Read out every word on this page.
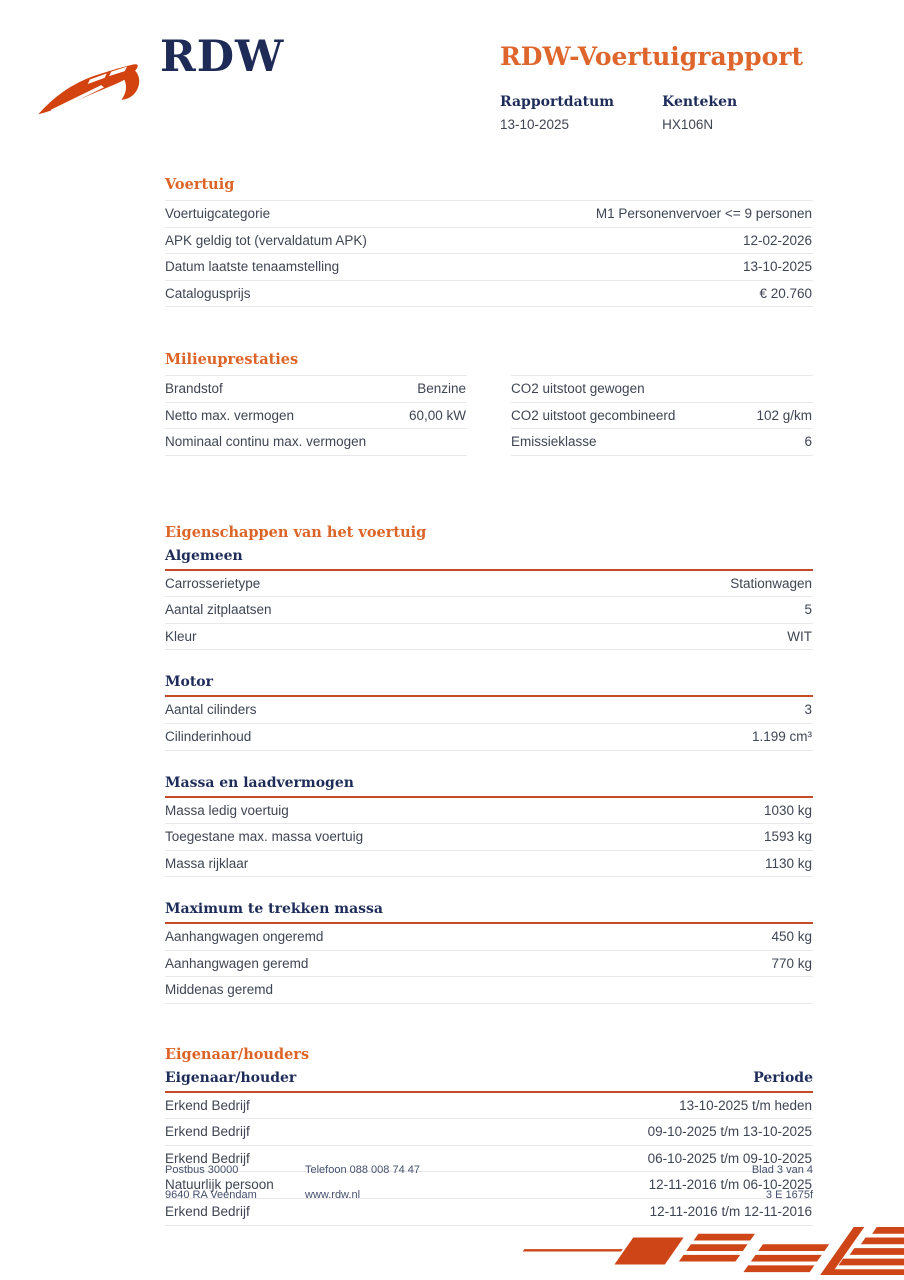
RDW	RDW-Voertuigrapport
Rapportdatum
13-10-2025
Kenteken
HX106N
Voertuig
Voertuigcategorie	M1 Personenvervoer <= 9 personen
APK geldig tot (vervaldatum APK)	12-02-2026
Datum laatste tenaamstelling	13-10-2025
Catalogusprijs	€ 20.760
Milieuprestaties
Brandstof	Benzine
Netto max. vermogen	60,00 kW
Nominaal continu max. vermogen
CO2 uitstoot gewogen
CO2 uitstoot gecombineerd	102 g/km
Emissieklasse	6
Eigenschappen van het voertuig
Algemeen
Carrosserietype	Stationwagen
Aantal zitplaatsen	5
Kleur	WIT
Motor
Aantal cilinders	3
Cilinderinhoud	1.199 cm³
Massa en laadvermogen
Massa ledig voertuig	1030 kg
Toegestane max. massa voertuig	1593 kg
Massa rijklaar	1130 kg
Maximum te trekken massa
Aanhangwagen ongeremd	450 kg
Aanhangwagen geremd	770 kg
Middenas geremd
Eigenaar/houders
Eigenaar/houder	Periode
Erkend Bedrijf	13-10-2025 t/m heden
Erkend Bedrijf	09-10-2025 t/m 13-10-2025
Erkend Bedrijf	06-10-2025 t/m 09-10-2025
Natuurlijk persoon	12-11-2016 t/m 06-10-2025
Erkend Bedrijf	12-11-2016 t/m 12-11-2016
Postbus 30000
9640 RA Veendam
Telefoon 088 008 74 47
www.rdw.nl
Blad 3 van 4
3 E 1675f
